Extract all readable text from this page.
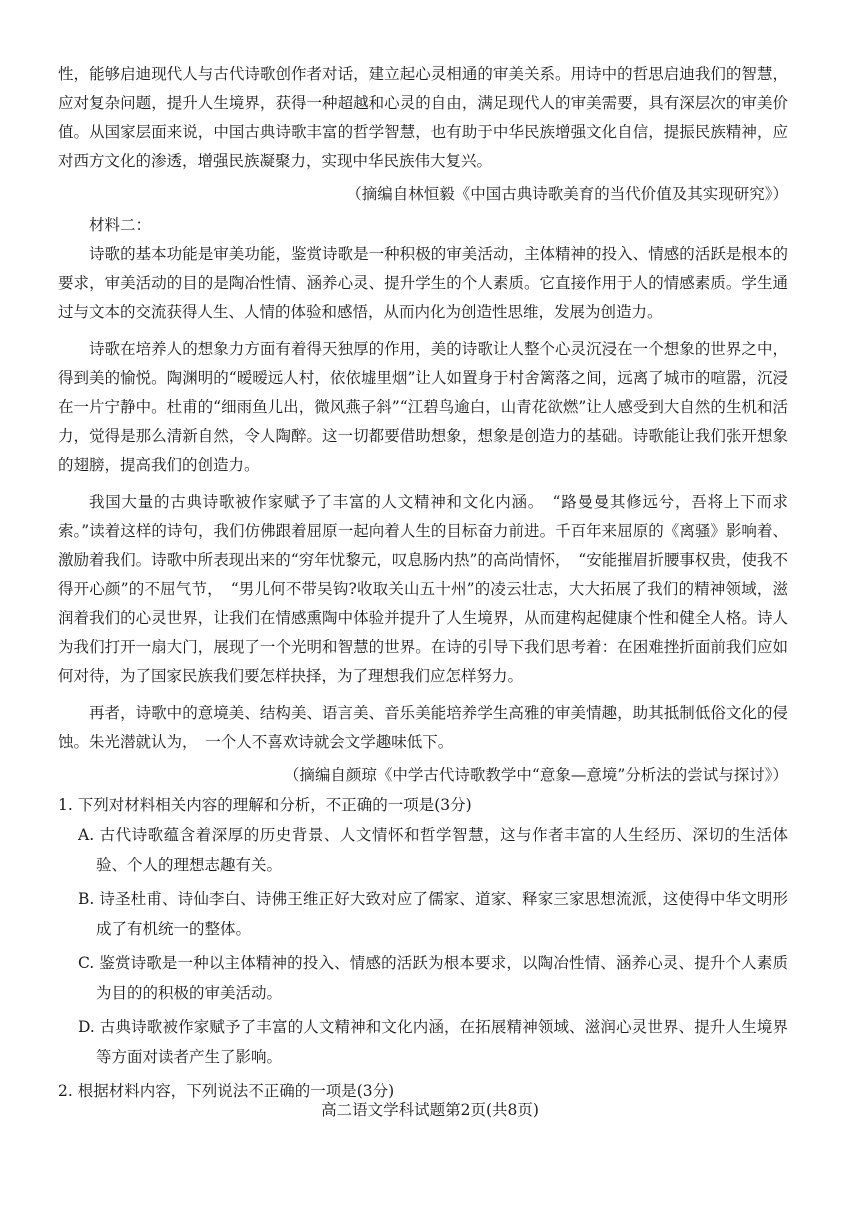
性，能够启迪现代人与古代诗歌创作者对话，建立起心灵相通的审美关系。用诗中的哲思启迪我们的智慧，应对复杂问题，提升人生境界，获得一种超越和心灵的自由，满足现代人的审美需要，具有深层次的审美价值。从国家层面来说，中国古典诗歌丰富的哲学智慧，也有助于中华民族增强文化自信，提振民族精神，应对西方文化的渗透，增强民族凝聚力，实现中华民族伟大复兴。

（摘编自林恒毅《中国古典诗歌美育的当代价值及其实现研究》）

材料二：

诗歌的基本功能是审美功能，鉴赏诗歌是一种积极的审美活动，主体精神的投入、情感的活跃是根本的要求，审美活动的目的是陶冶性情、涵养心灵、提升学生的个人素质。它直接作用于人的情感素质。学生通过与文本的交流获得人生、人情的体验和感悟，从而内化为创造性思维，发展为创造力。

诗歌在培养人的想象力方面有着得天独厚的作用，美的诗歌让人整个心灵沉浸在一个想象的世界之中，得到美的愉悦。陶渊明的“暧暧远人村，依依墟里烟”让人如置身于村舍篱落之间，远离了城市的喧嚣，沉浸在一片宁静中。杜甫的“细雨鱼儿出，微风燕子斜”“江碧鸟逾白，山青花欲燃”让人感受到大自然的生机和活力，觉得是那么清新自然，令人陶醉。这一切都要借助想象，想象是创造力的基础。诗歌能让我们张开想象的翅膀，提高我们的创造力。

我国大量的古典诗歌被作家赋予了丰富的人文精神和文化内涵。　“路曼曼其修远兮，吾将上下而求索。”读着这样的诗句，我们仿佛跟着屈原一起向着人生的目标奋力前进。千百年来屈原的《离骚》影响着、激励着我们。诗歌中所表现出来的“穷年忧黎元，叹息肠内热”的高尚情怀，　“安能摧眉折腰事权贵，使我不得开心颜”的不屈气节，　“男儿何不带吴钩?收取关山五十州”的凌云壮志，大大拓展了我们的精神领域，滋润着我们的心灵世界，让我们在情感熏陶中体验并提升了人生境界，从而建构起健康个性和健全人格。诗人为我们打开一扇大门，展现了一个光明和智慧的世界。在诗的引导下我们思考着：在困难挫折面前我们应如何对待，为了国家民族我们要怎样抉择，为了理想我们应怎样努力。

再者，诗歌中的意境美、结构美、语言美、音乐美能培养学生高雅的审美情趣，助其抵制低俗文化的侵蚀。朱光潜就认为，　一个人不喜欢诗就会文学趣味低下。

（摘编自颜琼《中学古代诗歌教学中“意象—意境”分析法的尝试与探讨》）

1. 下列对材料相关内容的理解和分析，不正确的一项是(3分)

A. 古代诗歌蕴含着深厚的历史背景、人文情怀和哲学智慧，这与作者丰富的人生经历、深切的生活体验、个人的理想志趣有关。

B. 诗圣杜甫、诗仙李白、诗佛王维正好大致对应了儒家、道家、释家三家思想流派，这使得中华文明形成了有机统一的整体。

C. 鉴赏诗歌是一种以主体精神的投入、情感的活跃为根本要求，以陶冶性情、涵养心灵、提升个人素质为目的的积极的审美活动。

D. 古典诗歌被作家赋予了丰富的人文精神和文化内涵，在拓展精神领域、滋润心灵世界、提升人生境界等方面对读者产生了影响。

2. 根据材料内容，下列说法不正确的一项是(3分)

高二语文学科试题第2页(共8页)
